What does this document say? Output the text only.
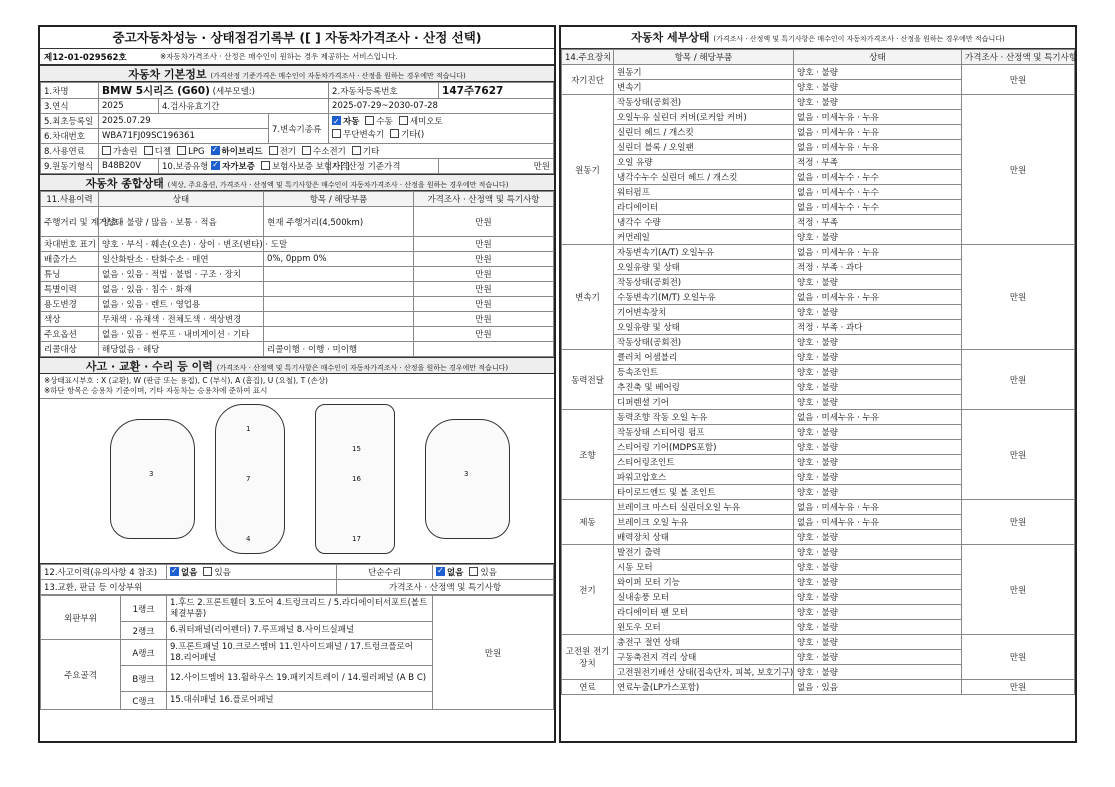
중고자동차성능 · 상태점검기록부 ([ ] 자동차가격조사 · 산정 선택)
제12-01-029562호	※자동차가격조사 · 산정은 매수인이 원하는 경우 제공하는 서비스입니다.
자동차 기본정보 (가격산정 기준가격은 매수인이 자동차가격조사 · 산정을 원하는 경우에만 적습니다)
1.차명	BMW 5시리즈 (G60) (세부모델:)			2.자동차등록번호	147주7627
3.연식	2025	4.검사유효기간		2025-07-29~2030-07-28	
5.최초등록일	2025.07.29		7.변속기종류	✓자동 수동 세미오토
무단변속기 기타()
6.차대번호	WBA71FJ09SC196361				
8.사용연료	가솔린 디젤 LPG ✓ 하이브리드 전기 수소전기 기타
9.원동기형식	B48B20V	10.보증유형 ✓ 자가보증 보험사보증 보험사[ ]		가격산정 기준가격	만원
자동차 종합상태 (색상, 주요옵션, 가격조사 · 산정액 및 특기사항은 매수인이 자동차가격조사 · 산정을 원하는 경우에만 적습니다)
11.사용이력	상태	항목 / 해당부품	가격조사 · 산정액 및 특기사항
주행거리 및 계기상태	양호 · 불량 / 많음 · 보통 · 적음	현재 주행거리(4,500km)	만원
차대번호 표기	양호 · 부식 · 훼손(오손) · 상이 · 변조(변타) · 도말		만원
배출가스	일산화탄소 · 탄화수소 · 매연	0%, 0ppm 0%	만원
튜닝	없음 · 있음 · 적법 · 불법 · 구조 · 장치		만원
특별이력	없음 · 있음 · 침수 · 화재		만원
용도변경	없음 · 있음 · 렌트 · 영업용		만원
색상	무채색 · 유채색 · 전체도색 · 색상변경		만원
주요옵션	없음 · 있음 · 썬루프 · 내비게이션 · 기타		만원
리콜대상	해당없음 · 해당	리콜이행 · 이행 · 미이행	
사고 · 교환 · 수리 등 이력 (가격조사 · 산정액 및 특기사항은 매수인이 자동차가격조사 · 산정을 원하는 경우에만 적습니다)
※상태표시부호 : X (교환), W (판금 또는 용접), C (부식), A (흠집), U (요철), T (손상)
※하단 항목은 승용차 기준이며, 기타 자동차는 승용차에 준하여 표시
3
1
7
4
15
16
17
3
12.사고이력(유의사항 4 참조)	✓없음 있음	단순수리	✓없음 있음
13.교환, 판금 등 이상부위		가격조사 · 산정액 및 특기사항	
외판부위	1랭크	1.후드 2.프론트휀더 3.도어 4.트렁크리드 / 5.라디에이터서포트(볼트체결부품)	만원
	2랭크	6.쿼터패널(리어펜더) 7.루프패널 8.사이드실패널	
주요골격	A랭크	9.프론트패널 10.크로스멤버 11.인사이드패널 / 17.트렁크플로어 18.리어패널	
	B랭크	12.사이드멤버 13.휠하우스 19.패키지트레이 / 14.필러패널 (A B C)	
	C랭크	15.대쉬패널 16.플로어패널	
자동차 세부상태 (가격조사 · 산정액 및 특기사항은 매수인이 자동차가격조사 · 산정을 원하는 경우에만 적습니다)
14.주요장치	항목 / 해당부품	상태	가격조사 · 산정액 및 특기사항
자기진단	원동기	양호 · 불량	만원
	변속기	양호 · 불량	
원동기	작동상태(공회전)	양호 · 불량	만원
	오일누유 실린더 커버(로커암 커버)	없음 · 미세누유 · 누유	
	실린더 헤드 / 개스킷	없음 · 미세누유 · 누유	
	실린더 블록 / 오일팬	없음 · 미세누유 · 누유	
	오일 유량	적정 · 부족	
	냉각수누수 실린더 헤드 / 개스킷	없음 · 미세누수 · 누수	
	워터펌프	없음 · 미세누수 · 누수	
	라디에이터	없음 · 미세누수 · 누수	
	냉각수 수량	적정 · 부족	
	커먼레일	양호 · 불량	
변속기	자동변속기(A/T) 오일누유	없음 · 미세누유 · 누유	만원
	오일유량 및 상태	적정 · 부족 · 과다	
	작동상태(공회전)	양호 · 불량	
	수동변속기(M/T) 오일누유	없음 · 미세누유 · 누유	
	기어변속장치	양호 · 불량	
	오일유량 및 상태	적정 · 부족 · 과다	
	작동상태(공회전)	양호 · 불량	
동력전달	클러치 어셈블리	양호 · 불량	만원
	등속조인트	양호 · 불량	
	추진축 및 베어링	양호 · 불량	
	디퍼렌셜 기어	양호 · 불량	
조향	동력조향 작동 오일 누유	없음 · 미세누유 · 누유	만원
	작동상태 스티어링 펌프	양호 · 불량	
	스티어링 기어(MDPS포함)	양호 · 불량	
	스티어링조인트	양호 · 불량	
	파워고압호스	양호 · 불량	
	타이로드엔드 및 볼 조인트	양호 · 불량	
제동	브레이크 마스터 실린더오일 누유	없음 · 미세누유 · 누유	만원
	브레이크 오일 누유	없음 · 미세누유 · 누유	
	배력장치 상태	양호 · 불량	
전기	발전기 출력	양호 · 불량	만원
	시동 모터	양호 · 불량	
	와이퍼 모터 기능	양호 · 불량	
	실내송풍 모터	양호 · 불량	
	라디에이터 팬 모터	양호 · 불량	
	윈도우 모터	양호 · 불량	
고전원 전기장치	충전구 절연 상태	양호 · 불량	만원
	구동축전지 격리 상태	양호 · 불량	
	고전원전기배선 상태(접속단자, 피복, 보호기구)	양호 · 불량	
연료	연료누출(LP가스포함)	없음 · 있음	만원
